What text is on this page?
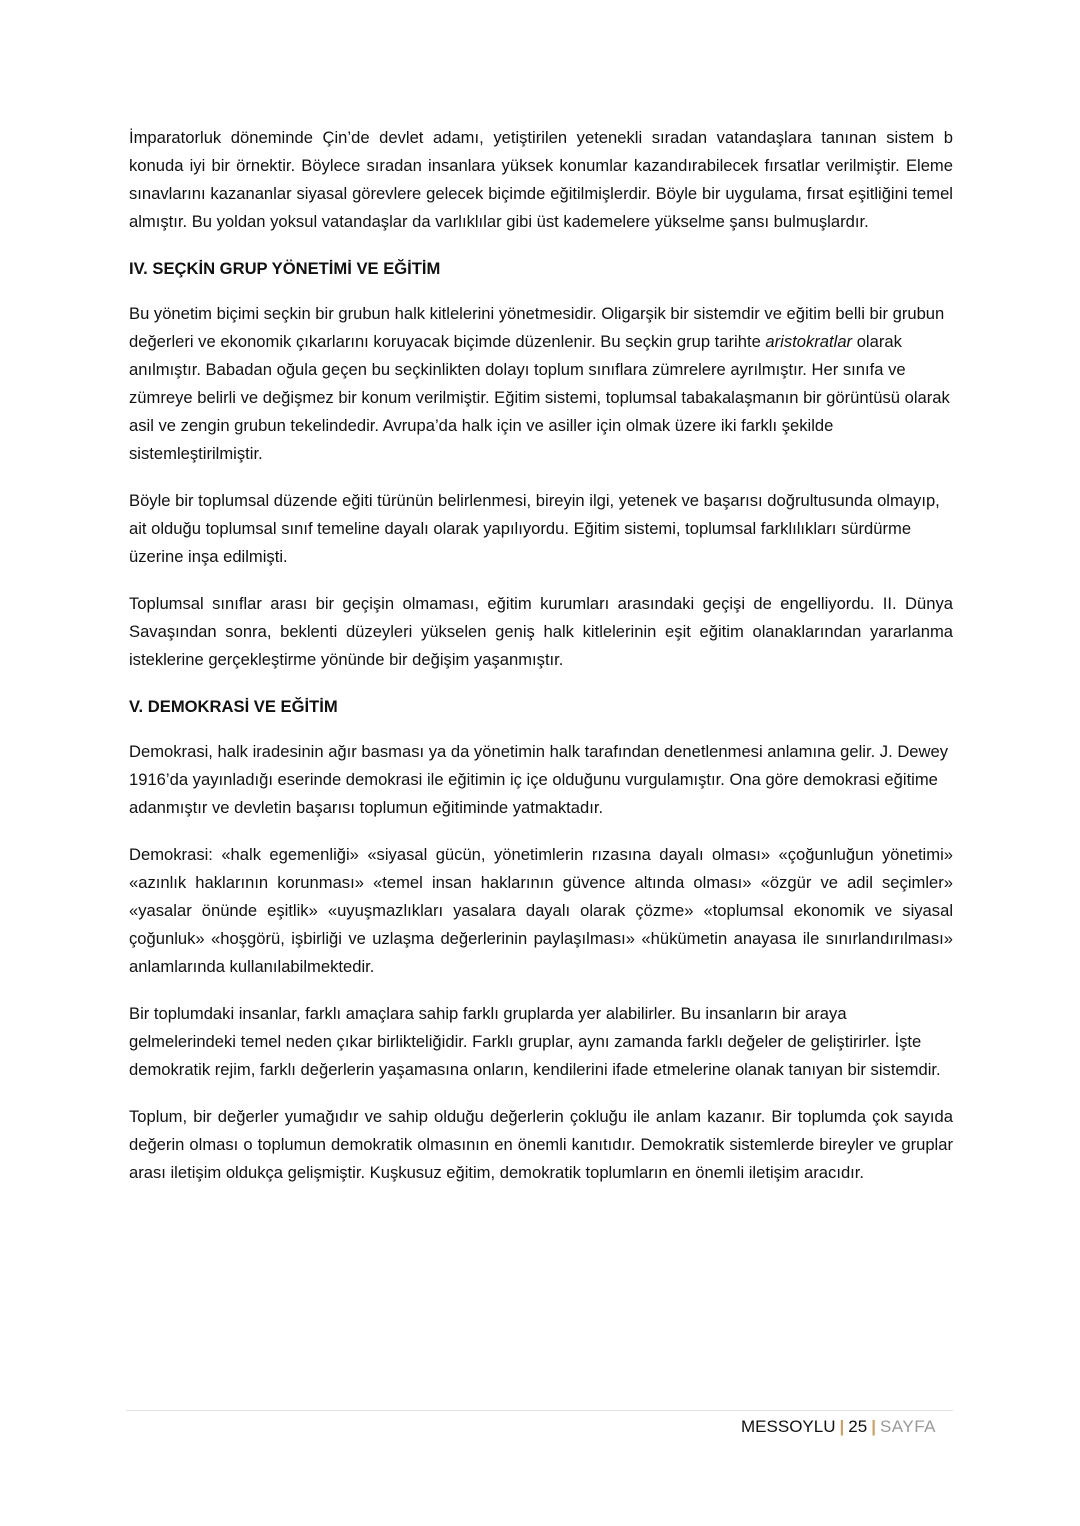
İmparatorluk döneminde Çin’de devlet adamı, yetiştirilen yetenekli sıradan vatandaşlara tanınan sistem b konuda iyi bir örnektir. Böylece sıradan insanlara yüksek konumlar kazandırabilecek fırsatlar verilmiştir. Eleme sınavlarını kazananlar siyasal görevlere gelecek biçimde eğitilmişlerdir. Böyle bir uygulama, fırsat eşitliğini temel almıştır. Bu yoldan yoksul vatandaşlar da varlıklılar gibi üst kademelere yükselme şansı bulmuşlardır.

IV. SEÇKİN GRUP YÖNETİMİ VE EĞİTİM

Bu yönetim biçimi seçkin bir grubun halk kitlelerini yönetmesidir. Oligarşik bir sistemdir ve eğitim belli bir grubun değerleri ve ekonomik çıkarlarını koruyacak biçimde düzenlenir. Bu seçkin grup tarihte aristokratlar olarak anılmıştır. Babadan oğula geçen bu seçkinlikten dolayı toplum sınıflara zümrelere ayrılmıştır. Her sınıfa ve zümreye belirli ve değişmez bir konum verilmiştir. Eğitim sistemi, toplumsal tabakalaşmanın bir görüntüsü olarak asil ve zengin grubun tekelindedir. Avrupa’da halk için ve asiller için olmak üzere iki farklı şekilde sistemleştirilmiştir.

Böyle bir toplumsal düzende eğiti türünün belirlenmesi, bireyin ilgi, yetenek ve başarısı doğrultusunda olmayıp, ait olduğu toplumsal sınıf temeline dayalı olarak yapılıyordu. Eğitim sistemi, toplumsal farklılıkları sürdürme üzerine inşa edilmişti.

Toplumsal sınıflar arası bir geçişin olmaması, eğitim kurumları arasındaki geçişi de engelliyordu. II. Dünya Savaşından sonra, beklenti düzeyleri yükselen geniş halk kitlelerinin eşit eğitim olanaklarından yararlanma isteklerine gerçekleştirme yönünde bir değişim yaşanmıştır.

V. DEMOKRASİ VE EĞİTİM

Demokrasi, halk iradesinin ağır basması ya da yönetimin halk tarafından denetlenmesi anlamına gelir. J. Dewey 1916’da yayınladığı eserinde demokrasi ile eğitimin iç içe olduğunu vurgulamıştır. Ona göre demokrasi eğitime adanmıştır ve devletin başarısı toplumun eğitiminde yatmaktadır.

Demokrasi: «halk egemenliği» «siyasal gücün, yönetimlerin rızasına dayalı olması» «çoğunluğun yönetimi» «azınlık haklarının korunması» «temel insan haklarının güvence altında olması» «özgür ve adil seçimler» «yasalar önünde eşitlik» «uyuşmazlıkları yasalara dayalı olarak çözme» «toplumsal ekonomik ve siyasal çoğunluk» «hoşgörü, işbirliği ve uzlaşma değerlerinin paylaşılması» «hükümetin anayasa ile sınırlandırılması» anlamlarında kullanılabilmektedir.

Bir toplumdaki insanlar, farklı amaçlara sahip farklı gruplarda yer alabilirler. Bu insanların bir araya gelmelerindeki temel neden çıkar birlikteliğidir. Farklı gruplar, aynı zamanda farklı değeler de geliştirirler. İşte demokratik rejim, farklı değerlerin yaşamasına onların, kendilerini ifade etmelerine olanak tanıyan bir sistemdir.

Toplum, bir değerler yumağıdır ve sahip olduğu değerlerin çokluğu ile anlam kazanır. Bir toplumda çok sayıda değerin olması o toplumun demokratik olmasının en önemli kanıtıdır. Demokratik sistemlerde bireyler ve gruplar arası iletişim oldukça gelişmiştir. Kuşkusuz eğitim, demokratik toplumların en önemli iletişim aracıdır.

MESSOYLU | 25 | SAYFA
